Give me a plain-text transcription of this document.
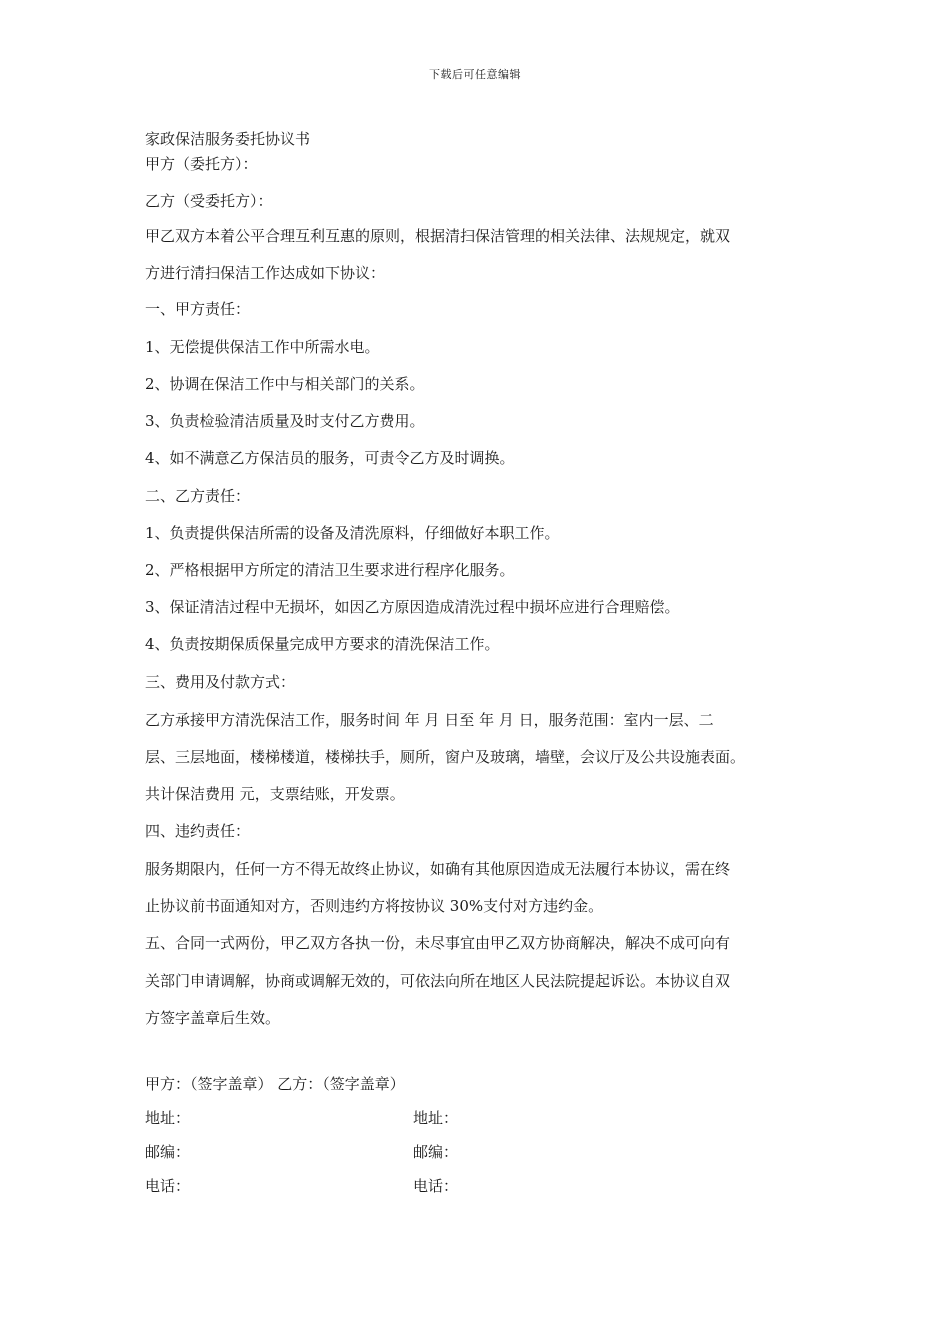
下载后可任意编辑
家政保洁服务委托协议书
甲方（委托方）：
乙方（受委托方）：
甲乙双方本着公平合理互利互惠的原则，根据清扫保洁管理的相关法律、法规规定，就双
方进行清扫保洁工作达成如下协议：
一、甲方责任：
1、无偿提供保洁工作中所需水电。
2、协调在保洁工作中与相关部门的关系。
3、负责检验清洁质量及时支付乙方费用。
4、如不满意乙方保洁员的服务，可责令乙方及时调换。
二、乙方责任：
1、负责提供保洁所需的设备及清洗原料，仔细做好本职工作。
2、严格根据甲方所定的清洁卫生要求进行程序化服务。
3、保证清洁过程中无损坏，如因乙方原因造成清洗过程中损坏应进行合理赔偿。
4、负责按期保质保量完成甲方要求的清洗保洁工作。
三、费用及付款方式：
乙方承接甲方清洗保洁工作，服务时间 年 月 日至 年 月 日，服务范围：室内一层、二
层、三层地面，楼梯楼道，楼梯扶手，厕所，窗户及玻璃，墙壁，会议厅及公共设施表面。
共计保洁费用 元，支票结账，开发票。
四、违约责任：
服务期限内，任何一方不得无故终止协议，如确有其他原因造成无法履行本协议，需在终
止协议前书面通知对方，否则违约方将按协议 30%支付对方违约金。
五、合同一式两份，甲乙双方各执一份，未尽事宜由甲乙双方协商解决，解决不成可向有
关部门申请调解，协商或调解无效的，可依法向所在地区人民法院提起诉讼。本协议自双
方签字盖章后生效。
甲方：（签字盖章） 乙方：（签字盖章）
地址：	地址：
邮编：	邮编：
电话：	电话：
